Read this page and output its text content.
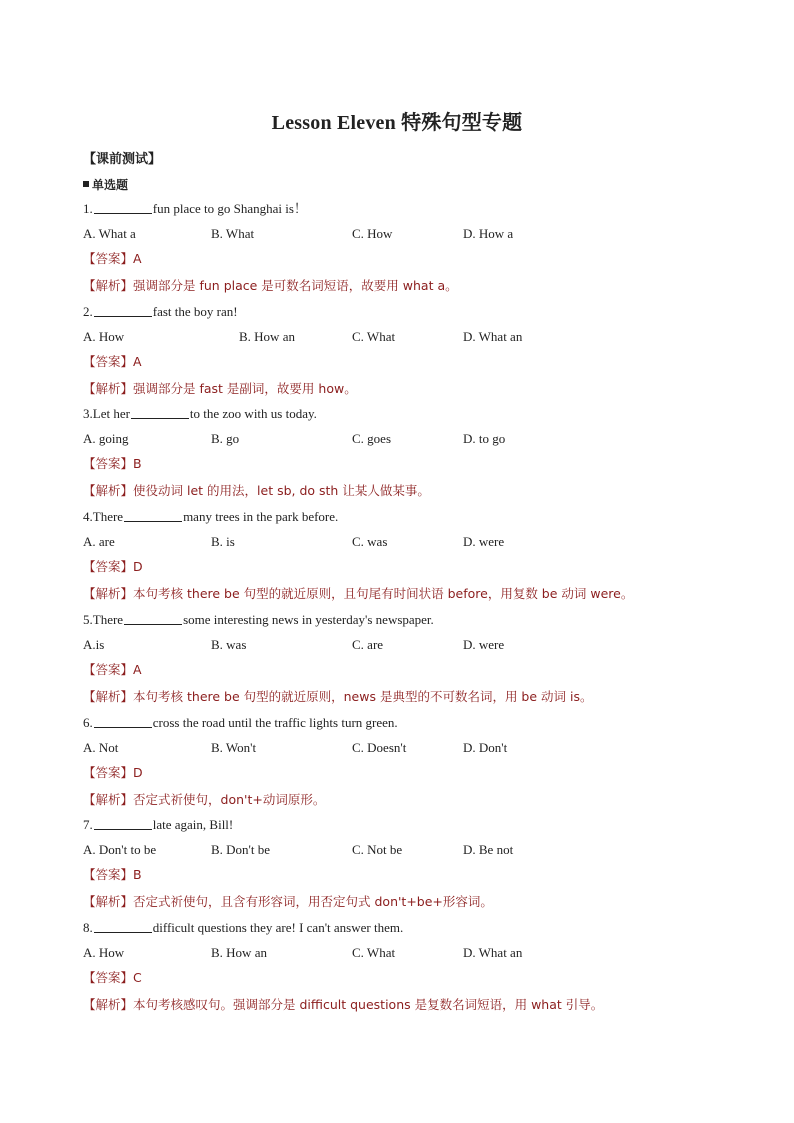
Lesson Eleven 特殊句型专题
【课前测试】
单选题
1.	fun place to go Shanghai is！
A. What a	B. What	C. How	D. How a
【答案】A
【解析】强调部分是 fun place 是可数名词短语，故要用 what a。
2.	fast the boy ran!
A. How	B. How an	C. What	D. What an
【答案】A
【解析】强调部分是 fast 是副词，故要用 how。
3.Let her	to the zoo with us today.
A. going	B. go	C. goes	D. to go
【答案】B
【解析】使役动词 let 的用法，let sb, do sth 让某人做某事。
4.There	many trees in the park before.
A. are	B. is	C. was	D. were
【答案】D
【解析】本句考核 there be 句型的就近原则，且句尾有时间状语 before，用复数 be 动词 were。
5.There	some interesting news in yesterday's newspaper.
A.is	B. was	C. are	D. were
【答案】A
【解析】本句考核 there be 句型的就近原则，news 是典型的不可数名词，用 be 动词 is。
6.	cross the road until the traffic lights turn green.
A. Not	B. Won't	C. Doesn't	D. Don't
【答案】D
【解析】否定式祈使句，don't+动词原形。
7.	late again, Bill!
A. Don't to be	B. Don't be	C. Not be	D. Be not
【答案】B
【解析】否定式祈使句，且含有形容词，用否定句式 don't+be+形容词。
8.	difficult questions they are! I can't answer them.
A. How	B. How an	C. What	D. What an
【答案】C
【解析】本句考核感叹句。强调部分是 difficult questions 是复数名词短语，用 what 引导。
